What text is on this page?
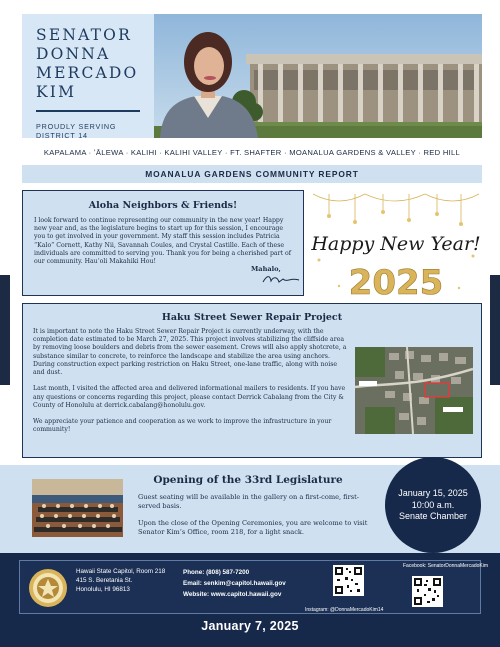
SENATOR
DONNA
MERCADO
KIM
PROUDLY SERVING
DISTRICT 14
KAPALAMA · ʻĀLEWA · KALIHI · KALIHI VALLEY · FT. SHAFTER · MOANALUA GARDENS & VALLEY · RED HILL
MOANALUA GARDENS COMMUNITY REPORT
Aloha Neighbors & Friends!
I look forward to continue representing our community in the new year! Happy new year and, as the legislature begins to start up for this session, I encourage you to get involved in your government. My staff this session includes Patricia “Kalo” Cornett, Kathy Nii, Savannah Coules, and Crystal Castille. Each of these individuals are committed to serving you. Thank you for being a cherished part of our community. Hauʻoli Makahiki Hou!
Mahalo,
Happy New Year!
2025
Haku Street Sewer Repair Project

It is important to note the Haku Street Sewer Repair Project is currently underway, with the completion date estimated to be March 27, 2025. This project involves stabilizing the cliffside area by removing loose boulders and debris from the sewer easement. Crews will also apply shotcrete, a substance similar to concrete, to reinforce the landscape and stabilize the area using anchors. During construction expect parking restriction on Haku Street, one-lane traffic, along with noise and dust.

Last month, I visited the affected area and delivered informational mailers to residents. If you have any questions or concerns regarding this project, please contact Derrick Cabalang from the City & County of Honolulu at derrick.cabalang@honolulu.gov.

We appreciate your patience and cooperation as we work to improve the infrastructure in your community!

Opening of the 33rd Legislature
Guest seating will be available in the gallery on a first-come, first-served basis.
Upon the close of the Opening Ceremonies, you are welcome to visit Senator Kim’s Office, room 218, for a light snack.
January 15, 2025
10:00 a.m.
Senate Chamber
Hawaii State Capitol, Room 218
415 S. Beretania St.
Honolulu, HI 96813
Phone: (808) 587-7200
Email: senkim@capitol.hawaii.gov
Website: www.capitol.hawaii.gov
Facebook: SenatorDonnaMercadoKim
Instagram: @DonnaMercadoKim14
January 7, 2025
